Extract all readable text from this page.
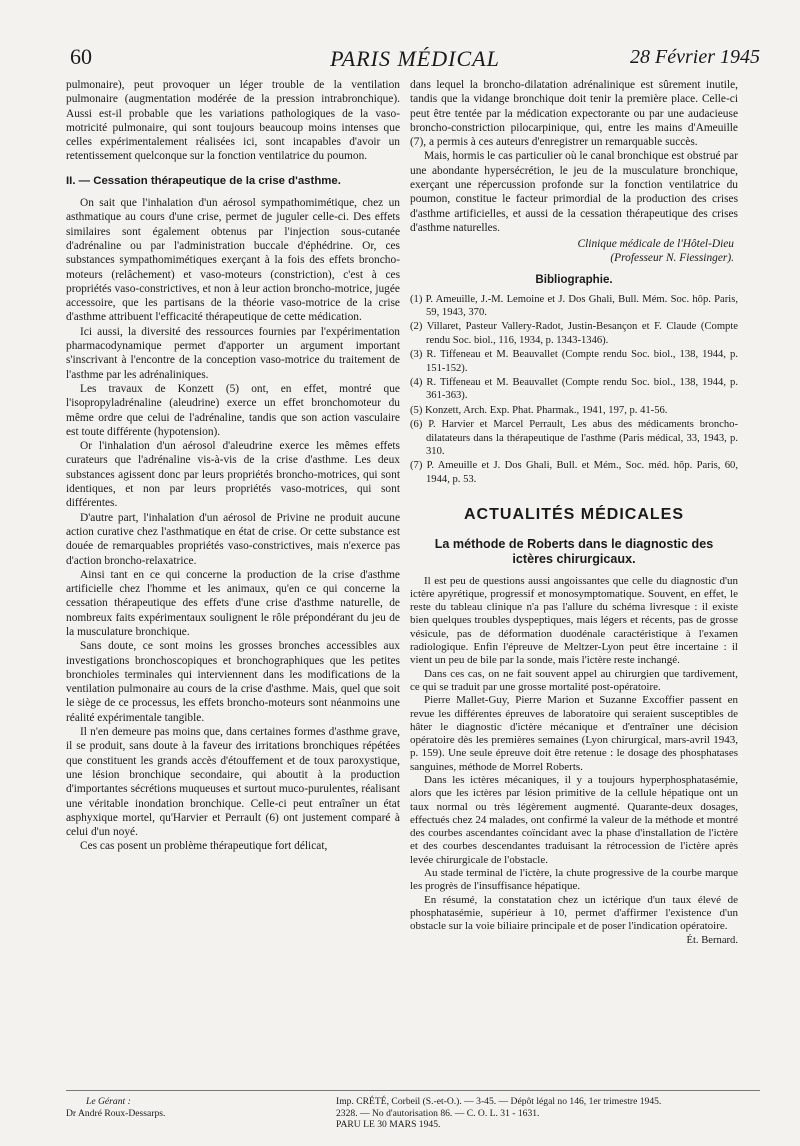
60	PARIS MÉDICAL	28 Février 1945

pulmonaire), peut provoquer un léger trouble de la ventilation pulmonaire (augmentation modérée de la pression intrabronchique). Aussi est-il probable que les variations pathologiques de la vaso-motricité pulmonaire, qui sont toujours beaucoup moins intenses que celles expérimentalement réalisées ici, sont incapables d'avoir un retentissement quelconque sur la fonction ventilatrice du poumon.

II. — Cessation thérapeutique de la crise d'asthme.

On sait que l'inhalation d'un aérosol sympathomimétique, chez un asthmatique au cours d'une crise, permet de juguler celle-ci. Des effets similaires sont également obtenus par l'injection sous-cutanée d'adrénaline ou par l'administration buccale d'éphédrine. Or, ces substances sympathomimétiques exerçant à la fois des effets broncho-moteurs (relâchement) et vaso-moteurs (constriction), c'est à ces propriétés vaso-constrictives, et non à leur action broncho-motrice, jugée accessoire, que les partisans de la théorie vaso-motrice de la crise d'asthme attribuent l'efficacité thérapeutique de cette médication.

Ici aussi, la diversité des ressources fournies par l'expérimentation pharmacodynamique permet d'apporter un argument important s'inscrivant à l'encontre de la conception vaso-motrice du traitement de l'asthme par les adrénaliniques.

Les travaux de Konzett (5) ont, en effet, montré que l'isopropyladrénaline (aleudrine) exerce un effet bronchomoteur du même ordre que celui de l'adrénaline, tandis que son action vasculaire est toute différente (hypotension).

Or l'inhalation d'un aérosol d'aleudrine exerce les mêmes effets curateurs que l'adrénaline vis-à-vis de la crise d'asthme. Les deux substances agissent donc par leurs propriétés broncho-motrices, qui sont identiques, et non par leurs propriétés vaso-motrices, qui sont différentes.

D'autre part, l'inhalation d'un aérosol de Privine ne produit aucune action curative chez l'asthmatique en état de crise. Or cette substance est douée de remarquables propriétés vaso-constrictives, mais n'exerce pas d'action broncho-relaxatrice.

Ainsi tant en ce qui concerne la production de la crise d'asthme artificielle chez l'homme et les animaux, qu'en ce qui concerne la cessation thérapeutique des effets d'une crise d'asthme naturelle, de nombreux faits expérimentaux soulignent le rôle prépondérant du jeu de la musculature bronchique.

Sans doute, ce sont moins les grosses bronches accessibles aux investigations bronchoscopiques et bronchographiques que les petites bronchioles terminales qui interviennent dans les modifications de la ventilation pulmonaire au cours de la crise d'asthme. Mais, quel que soit le siège de ce processus, les effets broncho-moteurs sont néanmoins une réalité expérimentale tangible.

Il n'en demeure pas moins que, dans certaines formes d'asthme grave, il se produit, sans doute à la faveur des irritations bronchiques répétées que constituent les grands accès d'étouffement et de toux paroxystique, une lésion bronchique secondaire, qui aboutit à la production d'importantes sécrétions muqueuses et surtout muco-purulentes, réalisant une véritable inondation bronchique. Celle-ci peut entraîner un état asphyxique mortel, qu'Harvier et Perrault (6) ont justement comparé à celui d'un noyé.

Ces cas posent un problème thérapeutique fort délicat,

dans lequel la broncho-dilatation adrénalinique est sûrement inutile, tandis que la vidange bronchique doit tenir la première place. Celle-ci peut être tentée par la médication expectorante ou par une audacieuse broncho-constriction pilocarpinique, qui, entre les mains d'Ameuille (7), a permis à ces auteurs d'enregistrer un remarquable succès.

Mais, hormis le cas particulier où le canal bronchique est obstrué par une abondante hypersécrétion, le jeu de la musculature bronchique, exerçant une répercussion profonde sur la fonction ventilatrice du poumon, constitue le facteur primordial de la production des crises d'asthme artificielles, et aussi de la cessation thérapeutique des crises d'asthme naturelles.

Clinique médicale de l'Hôtel-Dieu
(Professeur N. Fiessinger).
Bibliographie.
(1) P. Ameuille, J.-M. Lemoine et J. Dos Ghali, Bull. Mém. Soc. hôp. Paris, 59, 1943, 370.
(2) Villaret, Pasteur Vallery-Radot, Justin-Besançon et F. Claude (Compte rendu Soc. biol., 116, 1934, p. 1343-1346).
(3) R. Tiffeneau et M. Beauvallet (Compte rendu Soc. biol., 138, 1944, p. 151-152).
(4) R. Tiffeneau et M. Beauvallet (Compte rendu Soc. biol., 138, 1944, p. 361-363).
(5) Konzett, Arch. Exp. Phat. Pharmak., 1941, 197, p. 41-56.
(6) P. Harvier et Marcel Perrault, Les abus des médicaments broncho-dilatateurs dans la thérapeutique de l'asthme (Paris médical, 33, 1943, p. 310.
(7) P. Ameuille et J. Dos Ghali, Bull. et Mém., Soc. méd. hôp. Paris, 60, 1944, p. 53.
ACTUALITÉS MÉDICALES
La méthode de Roberts dans le diagnostic des ictères chirurgicaux.

Il est peu de questions aussi angoissantes que celle du diagnostic d'un ictère apyrétique, progressif et monosymptomatique. Souvent, en effet, le reste du tableau clinique n'a pas l'allure du schéma livresque : il existe bien quelques troubles dyspeptiques, mais légers et récents, pas de grosse vésicule, pas de déformation duodénale caractéristique à l'examen radiologique. Enfin l'épreuve de Meltzer-Lyon peut être incertaine : il vient un peu de bile par la sonde, mais l'ictère reste inchangé.

Dans ces cas, on ne fait souvent appel au chirurgien que tardivement, ce qui se traduit par une grosse mortalité post-opératoire.

Pierre Mallet-Guy, Pierre Marion et Suzanne Excoffier passent en revue les différentes épreuves de laboratoire qui seraient susceptibles de hâter le diagnostic d'ictère mécanique et d'entraîner une décision opératoire dès les premières semaines (Lyon chirurgical, mars-avril 1943, p. 159). Une seule épreuve doit être retenue : le dosage des phosphatases sanguines, méthode de Morrel Roberts.

Dans les ictères mécaniques, il y a toujours hyperphosphatasémie, alors que les ictères par lésion primitive de la cellule hépatique ont un taux normal ou très légèrement augmenté. Quarante-deux dosages, effectués chez 24 malades, ont confirmé la valeur de la méthode et montré des courbes ascendantes coïncidant avec la phase d'installation de l'ictère et des courbes descendantes traduisant la rétrocession de l'ictère après levée chirurgicale de l'obstacle.

Au stade terminal de l'ictère, la chute progressive de la courbe marque les progrès de l'insuffisance hépatique.

En résumé, la constatation chez un ictérique d'un taux élevé de phosphatasémie, supérieur à 10, permet d'affirmer l'existence d'un obstacle sur la voie biliaire principale et de poser l'indication opératoire.

Ét. Bernard.
Le Gérant :
Dr André Roux-Dessarps.
Imp. CRÉTÉ, Corbeil (S.-et-O.). — 3-45. — Dépôt légal no 146, 1er trimestre 1945.
2328. — No d'autorisation 86. — C. O. L. 31 - 1631.
PARU LE 30 MARS 1945.
